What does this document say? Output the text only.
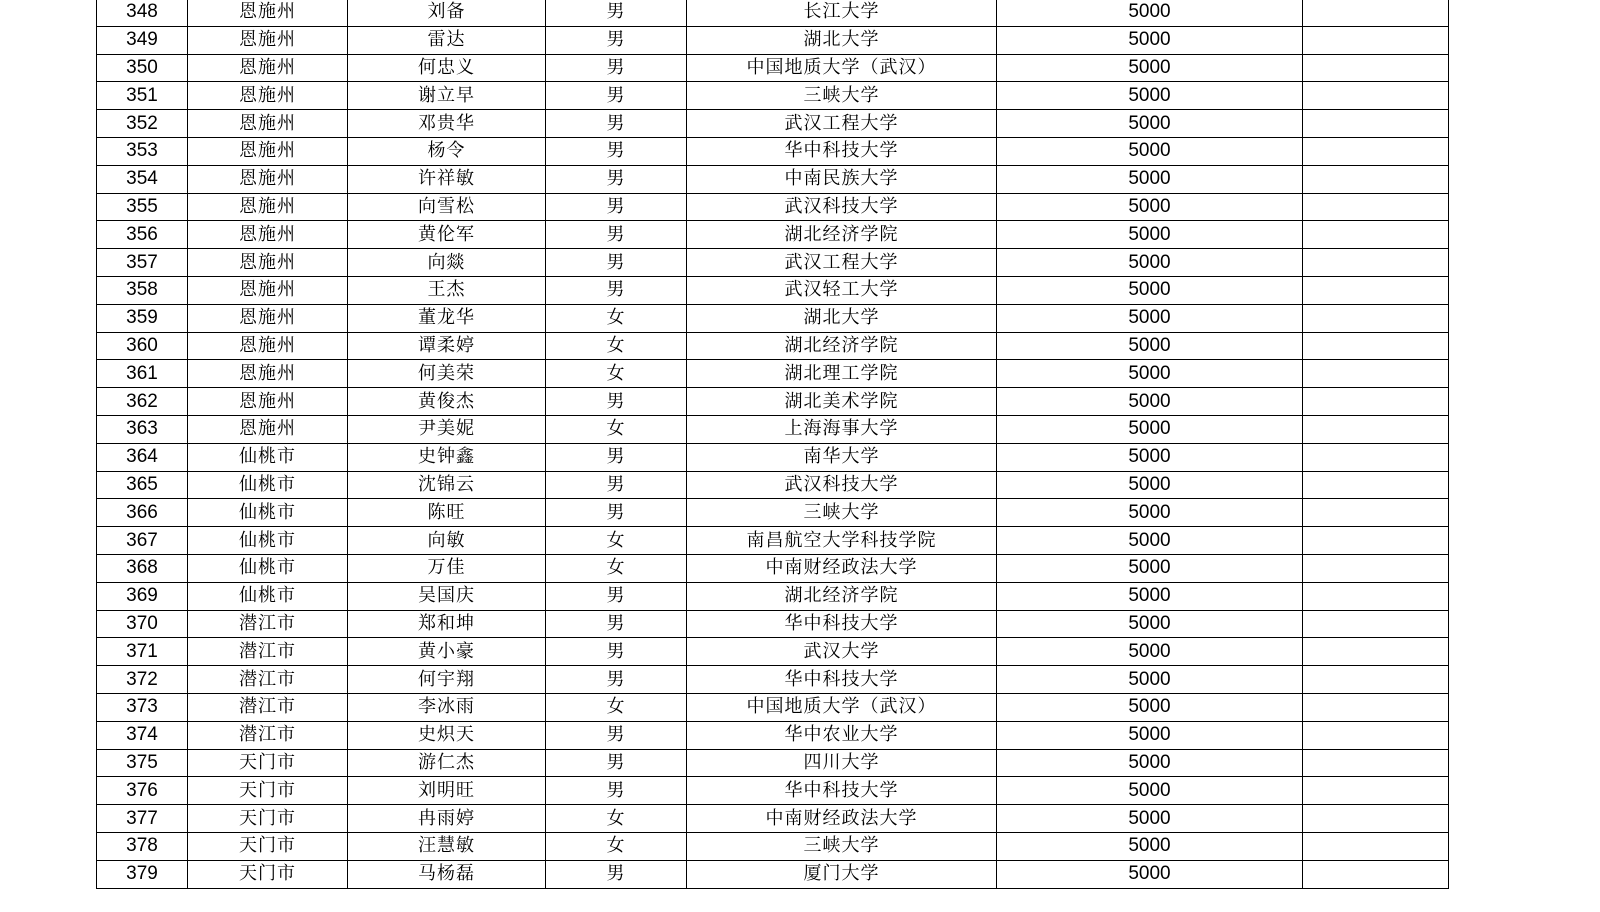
348	恩施州	刘备	男	长江大学	5000	
349	恩施州	雷达	男	湖北大学	5000	
350	恩施州	何忠义	男	中国地质大学（武汉）	5000	
351	恩施州	谢立早	男	三峡大学	5000	
352	恩施州	邓贵华	男	武汉工程大学	5000	
353	恩施州	杨令	男	华中科技大学	5000	
354	恩施州	许祥敏	男	中南民族大学	5000	
355	恩施州	向雪松	男	武汉科技大学	5000	
356	恩施州	黄伦军	男	湖北经济学院	5000	
357	恩施州	向燚	男	武汉工程大学	5000	
358	恩施州	王杰	男	武汉轻工大学	5000	
359	恩施州	董龙华	女	湖北大学	5000	
360	恩施州	谭柔婷	女	湖北经济学院	5000	
361	恩施州	何美荣	女	湖北理工学院	5000	
362	恩施州	黄俊杰	男	湖北美术学院	5000	
363	恩施州	尹美妮	女	上海海事大学	5000	
364	仙桃市	史钟鑫	男	南华大学	5000	
365	仙桃市	沈锦云	男	武汉科技大学	5000	
366	仙桃市	陈旺	男	三峡大学	5000	
367	仙桃市	向敏	女	南昌航空大学科技学院	5000	
368	仙桃市	万佳	女	中南财经政法大学	5000	
369	仙桃市	吴国庆	男	湖北经济学院	5000	
370	潜江市	郑和坤	男	华中科技大学	5000	
371	潜江市	黄小豪	男	武汉大学	5000	
372	潜江市	何宇翔	男	华中科技大学	5000	
373	潜江市	李冰雨	女	中国地质大学（武汉）	5000	
374	潜江市	史炽天	男	华中农业大学	5000	
375	天门市	游仁杰	男	四川大学	5000	
376	天门市	刘明旺	男	华中科技大学	5000	
377	天门市	冉雨婷	女	中南财经政法大学	5000	
378	天门市	汪慧敏	女	三峡大学	5000	
379	天门市	马杨磊	男	厦门大学	5000	
